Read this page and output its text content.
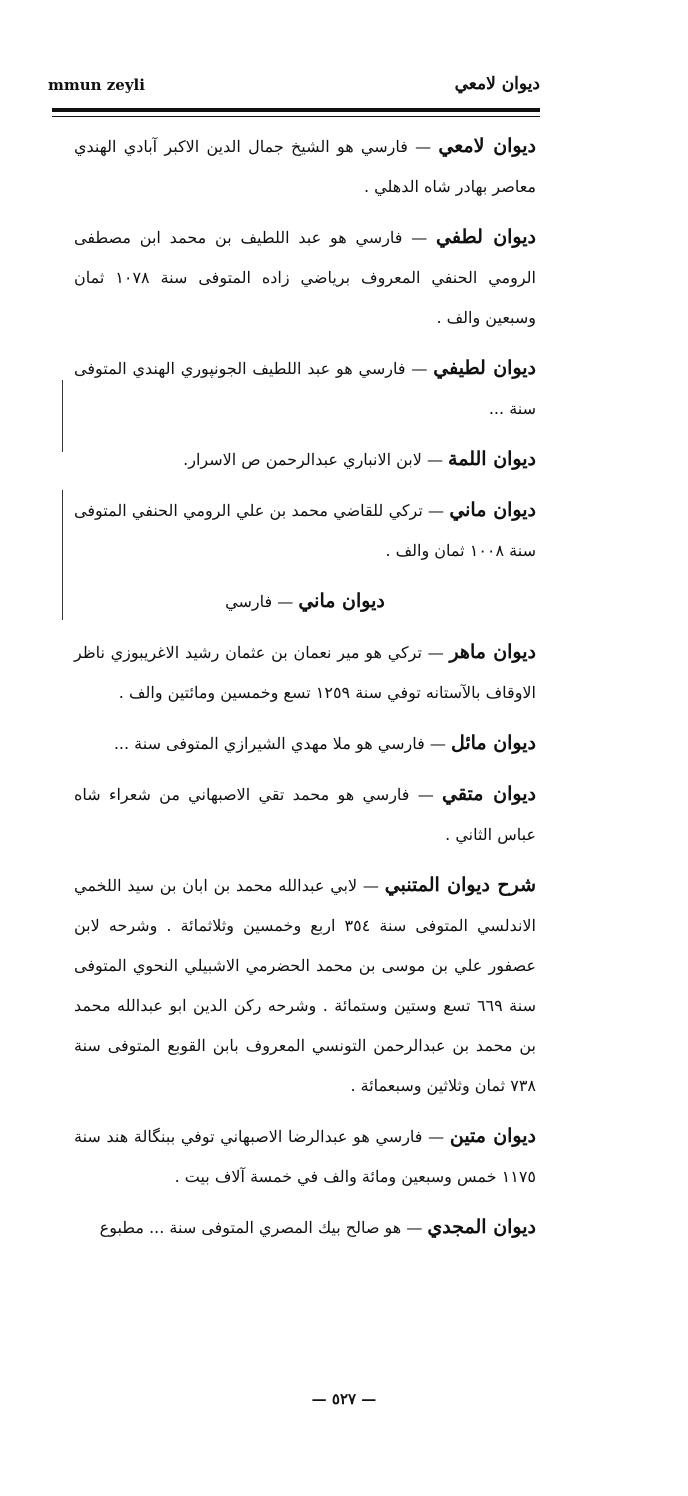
mmun zeyli	ديوان لامعي

ديوان لامعي — فارسي هو الشيخ جمال الدين الاكبر آبادي الهندي معاصر بهادر شاه الدهلي .

ديوان لطفي — فارسي هو عبد اللطيف بن محمد ابن مصطفى الرومي الحنفي المعروف برياضي زاده المتوفى سنة ١٠٧٨ ثمان وسبعين والف .

ديوان لطيفي — فارسي هو عبد اللطيف الجونپوري الهندي المتوفى سنة ...

ديوان اللمة — لابن الانباري عبدالرحمن ص الاسرار.

ديوان ماني — تركي للقاضي محمد بن علي الرومي الحنفي المتوفى سنة ١٠٠٨ ثمان والف .

ديوان ماني — فارسي

ديوان ماهر — تركي هو مير نعمان بن عثمان رشيد الاغريبوزي ناظر الاوقاف بالآستانه توفي سنة ١٢٥٩ تسع وخمسين ومائتين والف .

ديوان مائل — فارسي هو ملا مهدي الشيرازي المتوفى سنة ...

ديوان متقي — فارسي هو محمد تقي الاصبهاني من شعراء شاه عباس الثاني .

شرح ديوان المتنبي — لابي عبدالله محمد بن ابان بن سيد اللخمي الاندلسي المتوفى سنة ٣٥٤ اربع وخمسين وثلاثمائة . وشرحه لابن عصفور علي بن موسى بن محمد الحضرمي الاشبيلي النحوي المتوفى سنة ٦٦٩ تسع وستين وستمائة . وشرحه ركن الدين ابو عبدالله محمد بن محمد بن عبدالرحمن التونسي المعروف بابن القوبع المتوفى سنة ٧٣٨ ثمان وثلاثين وسبعمائة .

ديوان متين — فارسي هو عبدالرضا الاصبهاني توفي ببنگالة هند سنة ١١٧٥ خمس وسبعين ومائة والف في خمسة آلاف بيت .

ديوان المجدي — هو صالح بيك المصري المتوفى سنة ... مطبوع

— ٥٢٧ —
